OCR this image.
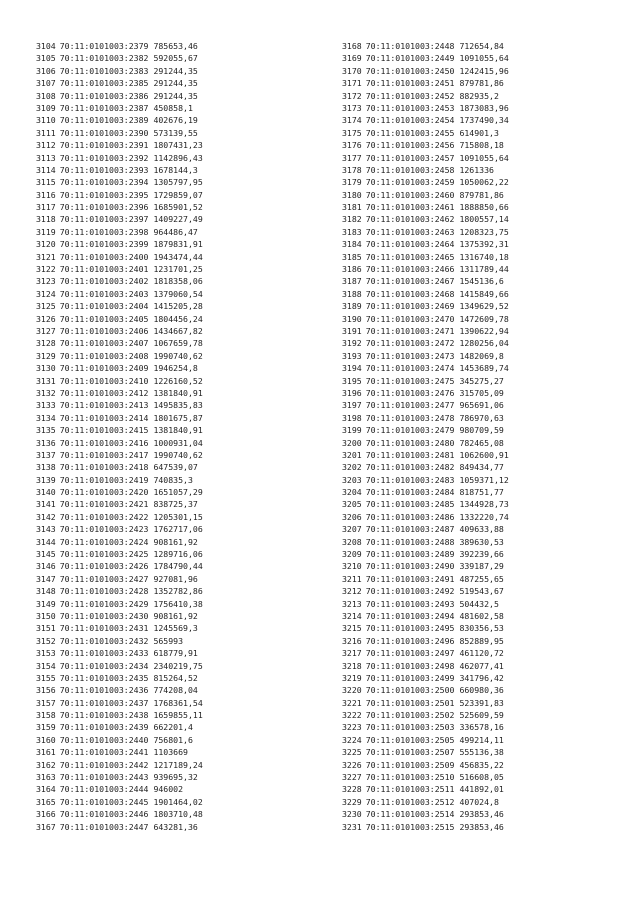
3104 70:11:0101003:2379 785653,46
3105 70:11:0101003:2382 592055,67
3106 70:11:0101003:2383 291244,35
3107 70:11:0101003:2385 291244,35
3108 70:11:0101003:2386 291244,35
3109 70:11:0101003:2387 450858,1
3110 70:11:0101003:2389 402676,19
3111 70:11:0101003:2390 573139,55
3112 70:11:0101003:2391 1807431,23
3113 70:11:0101003:2392 1142896,43
3114 70:11:0101003:2393 1678144,3
3115 70:11:0101003:2394 1305797,95
3116 70:11:0101003:2395 1729859,07
3117 70:11:0101003:2396 1685901,52
3118 70:11:0101003:2397 1409227,49
3119 70:11:0101003:2398 964486,47
3120 70:11:0101003:2399 1879831,91
3121 70:11:0101003:2400 1943474,44
3122 70:11:0101003:2401 1231701,25
3123 70:11:0101003:2402 1818358,06
3124 70:11:0101003:2403 1379060,54
3125 70:11:0101003:2404 1415205,28
3126 70:11:0101003:2405 1804456,24
3127 70:11:0101003:2406 1434667,82
3128 70:11:0101003:2407 1067659,78
3129 70:11:0101003:2408 1990740,62
3130 70:11:0101003:2409 1946254,8
3131 70:11:0101003:2410 1226160,52
3132 70:11:0101003:2412 1381840,91
3133 70:11:0101003:2413 1495835,83
3134 70:11:0101003:2414 1801675,87
3135 70:11:0101003:2415 1381840,91
3136 70:11:0101003:2416 1000931,04
3137 70:11:0101003:2417 1990740,62
3138 70:11:0101003:2418 647539,07
3139 70:11:0101003:2419 740835,3
3140 70:11:0101003:2420 1651057,29
3141 70:11:0101003:2421 838725,37
3142 70:11:0101003:2422 1205301,15
3143 70:11:0101003:2423 1762717,06
3144 70:11:0101003:2424 908161,92
3145 70:11:0101003:2425 1289716,06
3146 70:11:0101003:2426 1784790,44
3147 70:11:0101003:2427 927081,96
3148 70:11:0101003:2428 1352782,86
3149 70:11:0101003:2429 1756410,38
3150 70:11:0101003:2430 908161,92
3151 70:11:0101003:2431 1245569,3
3152 70:11:0101003:2432 565993
3153 70:11:0101003:2433 618779,91
3154 70:11:0101003:2434 2340219,75
3155 70:11:0101003:2435 815264,52
3156 70:11:0101003:2436 774208,04
3157 70:11:0101003:2437 1768361,54
3158 70:11:0101003:2438 1659855,11
3159 70:11:0101003:2439 662201,4
3160 70:11:0101003:2440 756801,6
3161 70:11:0101003:2441 1103669
3162 70:11:0101003:2442 1217189,24
3163 70:11:0101003:2443 939695,32
3164 70:11:0101003:2444 946002
3165 70:11:0101003:2445 1901464,02
3166 70:11:0101003:2446 1803710,48
3167 70:11:0101003:2447 643281,36
3168 70:11:0101003:2448 712654,84
3169 70:11:0101003:2449 1091055,64
3170 70:11:0101003:2450 1242415,96
3171 70:11:0101003:2451 879781,86
3172 70:11:0101003:2452 882935,2
3173 70:11:0101003:2453 1873083,96
3174 70:11:0101003:2454 1737490,34
3175 70:11:0101003:2455 614901,3
3176 70:11:0101003:2456 715808,18
3177 70:11:0101003:2457 1091055,64
3178 70:11:0101003:2458 1261336
3179 70:11:0101003:2459 1050062,22
3180 70:11:0101003:2460 879781,86
3181 70:11:0101003:2461 1888850,66
3182 70:11:0101003:2462 1800557,14
3183 70:11:0101003:2463 1208323,75
3184 70:11:0101003:2464 1375392,31
3185 70:11:0101003:2465 1316740,18
3186 70:11:0101003:2466 1311789,44
3187 70:11:0101003:2467 1545136,6
3188 70:11:0101003:2468 1415849,66
3189 70:11:0101003:2469 1349629,52
3190 70:11:0101003:2470 1472609,78
3191 70:11:0101003:2471 1390622,94
3192 70:11:0101003:2472 1280256,04
3193 70:11:0101003:2473 1482069,8
3194 70:11:0101003:2474 1453689,74
3195 70:11:0101003:2475 345275,27
3196 70:11:0101003:2476 315705,09
3197 70:11:0101003:2477 965691,06
3198 70:11:0101003:2478 786970,63
3199 70:11:0101003:2479 980709,59
3200 70:11:0101003:2480 782465,08
3201 70:11:0101003:2481 1062600,91
3202 70:11:0101003:2482 849434,77
3203 70:11:0101003:2483 1059371,12
3204 70:11:0101003:2484 818751,77
3205 70:11:0101003:2485 1344928,73
3206 70:11:0101003:2486 1332220,74
3207 70:11:0101003:2487 409633,88
3208 70:11:0101003:2488 389630,53
3209 70:11:0101003:2489 392239,66
3210 70:11:0101003:2490 339187,29
3211 70:11:0101003:2491 487255,65
3212 70:11:0101003:2492 519543,67
3213 70:11:0101003:2493 504432,5
3214 70:11:0101003:2494 481602,58
3215 70:11:0101003:2495 830356,53
3216 70:11:0101003:2496 852889,95
3217 70:11:0101003:2497 461120,72
3218 70:11:0101003:2498 462077,41
3219 70:11:0101003:2499 341796,42
3220 70:11:0101003:2500 660980,36
3221 70:11:0101003:2501 523391,83
3222 70:11:0101003:2502 525609,59
3223 70:11:0101003:2503 336578,16
3224 70:11:0101003:2505 499214,11
3225 70:11:0101003:2507 555136,38
3226 70:11:0101003:2509 456835,22
3227 70:11:0101003:2510 516608,05
3228 70:11:0101003:2511 441892,01
3229 70:11:0101003:2512 407024,8
3230 70:11:0101003:2514 293853,46
3231 70:11:0101003:2515 293853,46
